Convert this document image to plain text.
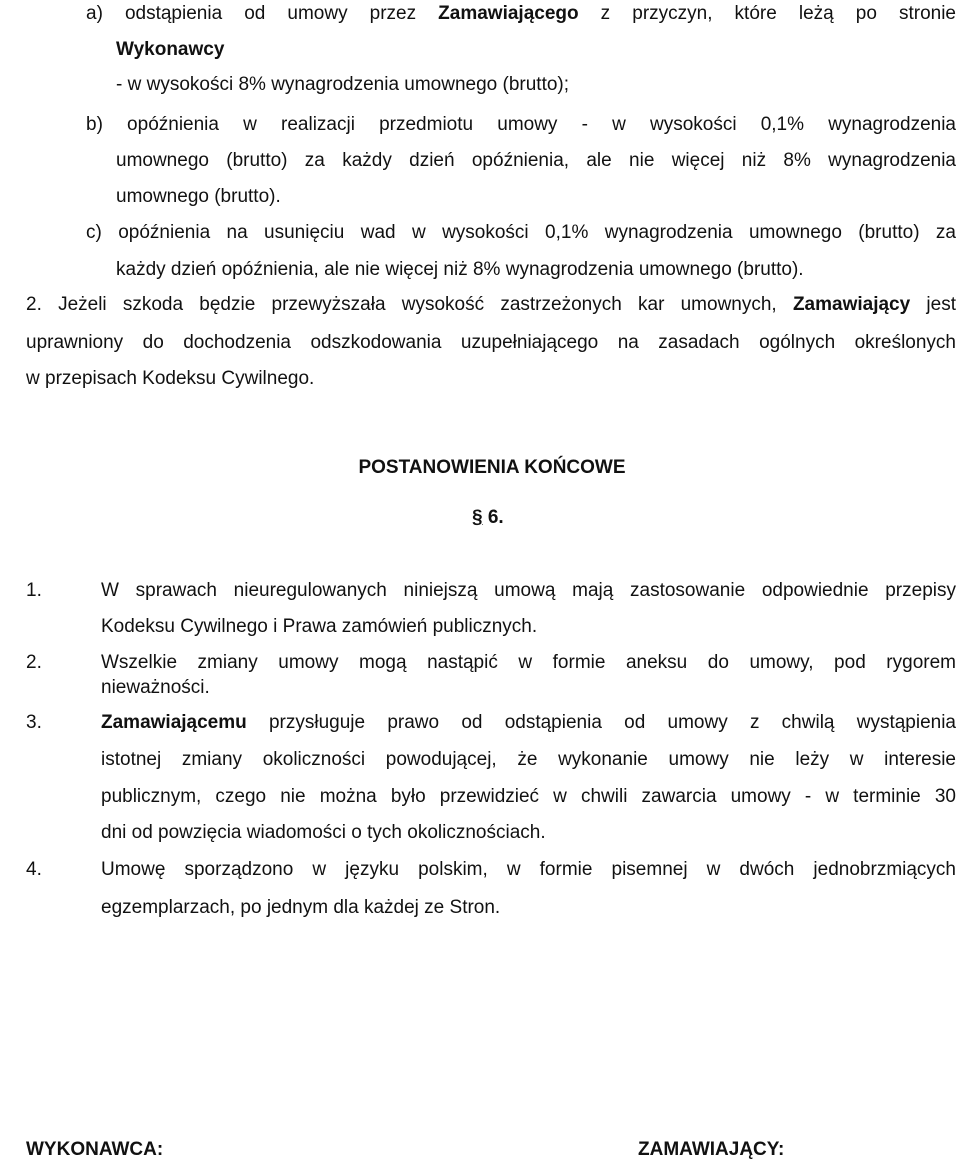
a) odstąpienia od umowy przez Zamawiającego z przyczyn, które leżą po stronie
Wykonawcy
- w wysokości 8% wynagrodzenia umownego (brutto);
b) opóźnienia w realizacji przedmiotu umowy - w wysokości 0,1% wynagrodzenia
umownego (brutto) za każdy dzień opóźnienia, ale nie więcej niż 8% wynagrodzenia
umownego (brutto).
c) opóźnienia na usunięciu wad w wysokości 0,1% wynagrodzenia umownego (brutto) za
każdy dzień opóźnienia, ale nie więcej niż 8% wynagrodzenia umownego (brutto).
2. Jeżeli szkoda będzie przewyższała wysokość zastrzeżonych kar umownych, Zamawiający jest
uprawniony do dochodzenia odszkodowania uzupełniającego na zasadach ogólnych określonych
w przepisach Kodeksu Cywilnego.
POSTANOWIENIA KOŃCOWE
§ 6.
1.	W sprawach nieuregulowanych niniejszą umową mają zastosowanie odpowiednie przepisy
Kodeksu Cywilnego i Prawa zamówień publicznych.
2.	Wszelkie zmiany umowy mogą nastąpić w formie aneksu do umowy, pod rygorem
nieważności.
3.	Zamawiającemu przysługuje prawo od odstąpienia od umowy z chwilą wystąpienia
istotnej zmiany okoliczności powodującej, że wykonanie umowy nie leży w interesie
publicznym, czego nie można było przewidzieć w chwili zawarcia umowy - w terminie 30
dni od powzięcia wiadomości o tych okolicznościach.
4.	Umowę sporządzono w języku polskim, w formie pisemnej w dwóch jednobrzmiących
egzemplarzach, po jednym dla każdej ze Stron.
WYKONAWCA:	ZAMAWIAJĄCY:
